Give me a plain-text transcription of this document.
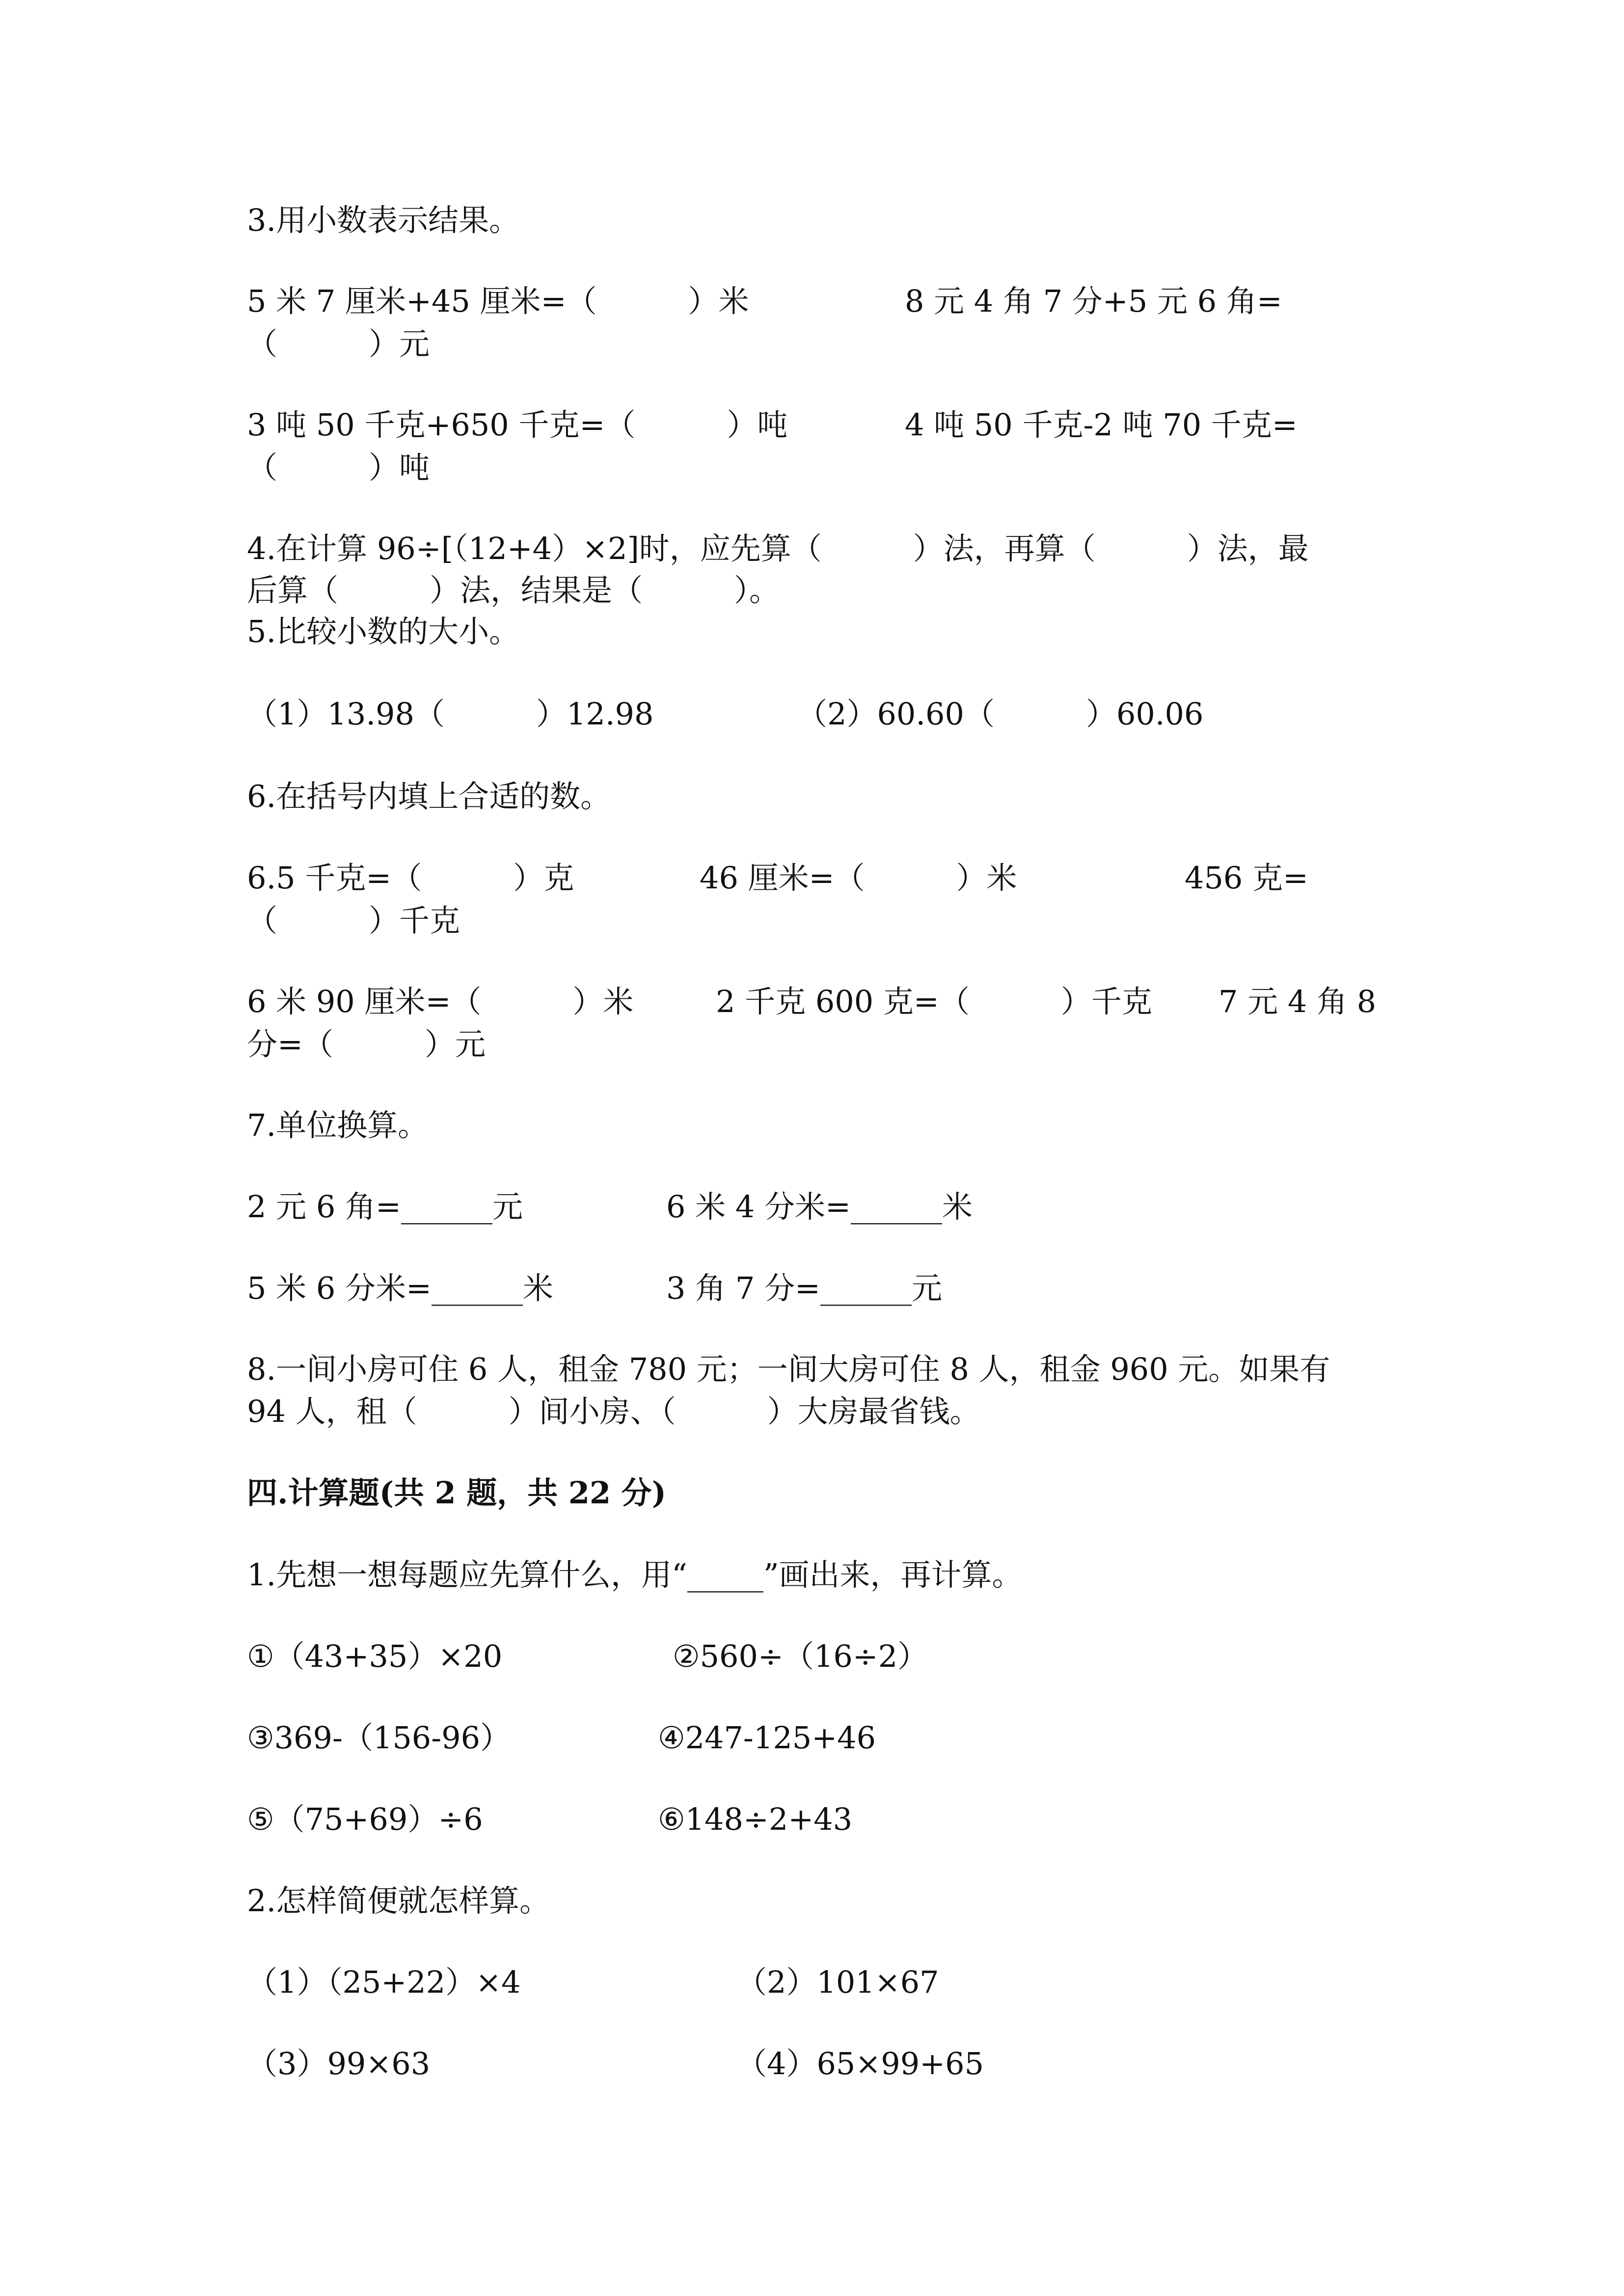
3.用小数表示结果。

5 米 7 厘米+45 厘米=（　　　）米	8 元 4 角 7 分+5 元 6 角=

（　　　）元

3 吨 50 千克+650 千克=（　　　）吨	4 吨 50 千克-2 吨 70 千克=

（　　　）吨

4.在计算 96÷[（12+4）×2]时，应先算（　　　）法，再算（　　　）法，最

后算（　　　）法，结果是（　　　）。

5.比较小数的大小。

（1）13.98（　　　）12.98	（2）60.60（　　　）60.06

6.在括号内填上合适的数。

6.5 千克=（　　　）克	46 厘米=（　　　）米	456 克=

（　　　）千克

6 米 90 厘米=（　　　）米	2 千克 600 克=（　　　）千克 7 元 4 角 8

分=（　　　）元

7.单位换算。

2 元 6 角=______元	6 米 4 分米=______米

5 米 6 分米=______米	3 角 7 分=______元

8.一间小房可住 6 人，租金 780 元；一间大房可住 8 人，租金 960 元。如果有

94 人，租（　　　）间小房、（　　　）大房最省钱。

四.计算题(共 2 题，共 22 分)

1.先想一想每题应先算什么，用“_____”画出来，再计算。

①（43+35）×20	②560÷（16÷2）

③369-（156-96）	④247-125+46

⑤（75+69）÷6	⑥148÷2+43

2.怎样简便就怎样算。

（1）（25+22）×4	（2）101×67

（3）99×63	（4）65×99+65
